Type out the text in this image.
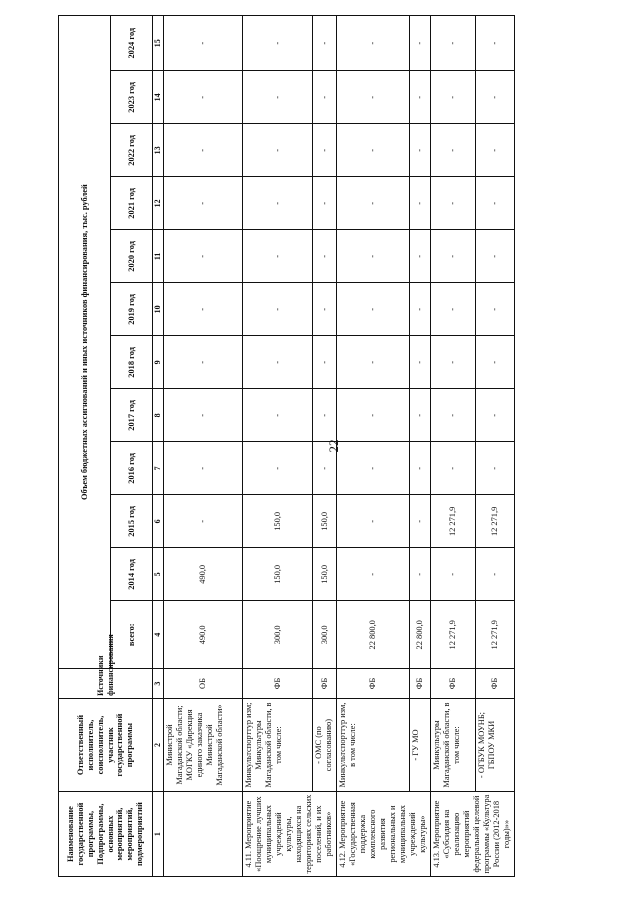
22
Наименование государственной программы, Подпрограммы, основных мероприятий, мероприятий, подмероприятий	Ответственный исполнитель, соисполнитель, участник государственной программы	Источники финансирования	Объем бюджетных ассигнований и иных источников финансирования, тыс. рублей											
			всего:	2014 год	2015 год	2016 год	2017 год	2018 год	2019 год	2020 год	2021 год	2022 год	2023 год	2024 год
1	2	3	4	5	6	7	8	9	10	11	12	13	14	15
	Министрой Магаданской области; МОГКУ «Дирекция единого заказчика Министрой Магаданской области»	ОБ	490,0	490,0	-	-	-	-	-	-	-	-	-	-
4.11. Мероприятие «Поощрение лучших муниципальных учреждений культуры, находящихся на территориях сельских поселений, и их работников»	Минкультспорттур изм; Минкультуры Магаданской области, в том числе:	ФБ	300,0	150,0	150,0	-	-	-	-	-	-	-	-	-
	- ОМС (по согласованию)	ФБ	300,0	150,0	150,0	-	-	-	-	-	-	-	-	-
4.12. Мероприятие «Государственная поддержка комплексного развития региональных и муниципальных учреждений культуры»	Минкультспорттур изм, в том числе:	ФБ	22 800,0	-	-	-	-	-	-	-	-	-	-	-
	- ГУ МО	ФБ	22 800,0	-	-	-	-	-	-	-	-	-	-	-
4.13. Мероприятие «Субсидия на реализацию мероприятий федеральной целевой программы «Культура России (2012-2018 годы)»»	Минкультуры Магаданской области, в том числе:	ФБ	12 271,9	-	12 271,9	-	-	-	-	-	-	-	-	-
	- ОГБУК МОУНБ; ГБПОУ МКИ	ФБ	12 271,9	-	12 271,9	-	-	-	-	-	-	-	-	-
